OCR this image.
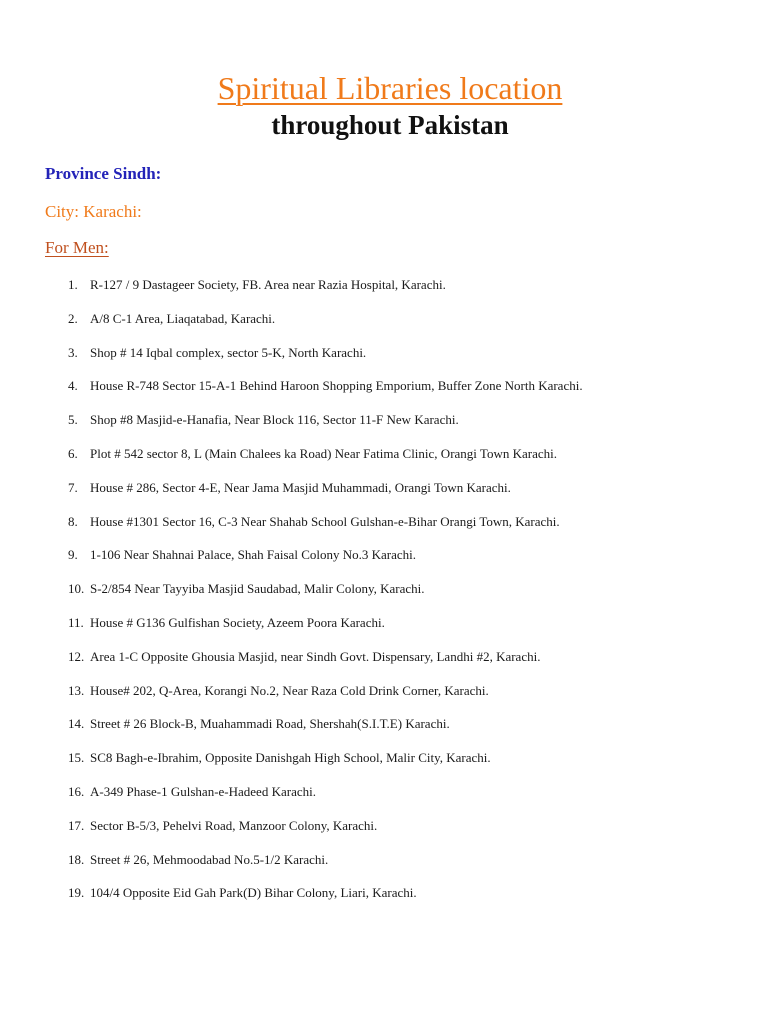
Spiritual Libraries location
throughout Pakistan
Province Sindh:
City: Karachi:
For Men:
1. R-127 / 9 Dastageer Society, FB. Area near Razia Hospital, Karachi.
2. A/8 C-1 Area, Liaqatabad, Karachi.
3. Shop # 14 Iqbal complex, sector 5-K, North Karachi.
4. House R-748 Sector 15-A-1 Behind Haroon Shopping Emporium, Buffer Zone North Karachi.
5. Shop #8 Masjid-e-Hanafia, Near Block 116, Sector 11-F New Karachi.
6. Plot # 542 sector 8, L (Main Chalees ka Road) Near Fatima Clinic, Orangi Town Karachi.
7. House # 286, Sector 4-E, Near Jama Masjid Muhammadi, Orangi Town Karachi.
8. House #1301 Sector 16, C-3 Near Shahab School Gulshan-e-Bihar Orangi Town, Karachi.
9. 1-106 Near Shahnai Palace, Shah Faisal Colony No.3 Karachi.
10. S-2/854 Near Tayyiba Masjid Saudabad, Malir Colony, Karachi.
11. House # G136 Gulfishan Society, Azeem Poora Karachi.
12. Area 1-C Opposite Ghousia Masjid, near Sindh Govt. Dispensary, Landhi #2, Karachi.
13. House# 202, Q-Area, Korangi No.2, Near Raza Cold Drink Corner, Karachi.
14. Street # 26 Block-B, Muahammadi Road, Shershah(S.I.T.E) Karachi.
15. SC8 Bagh-e-Ibrahim, Opposite Danishgah High School, Malir City, Karachi.
16. A-349 Phase-1 Gulshan-e-Hadeed Karachi.
17. Sector B-5/3, Pehelvi Road, Manzoor Colony, Karachi.
18. Street # 26, Mehmoodabad No.5-1/2 Karachi.
19. 104/4 Opposite Eid Gah Park(D) Bihar Colony, Liari, Karachi.
